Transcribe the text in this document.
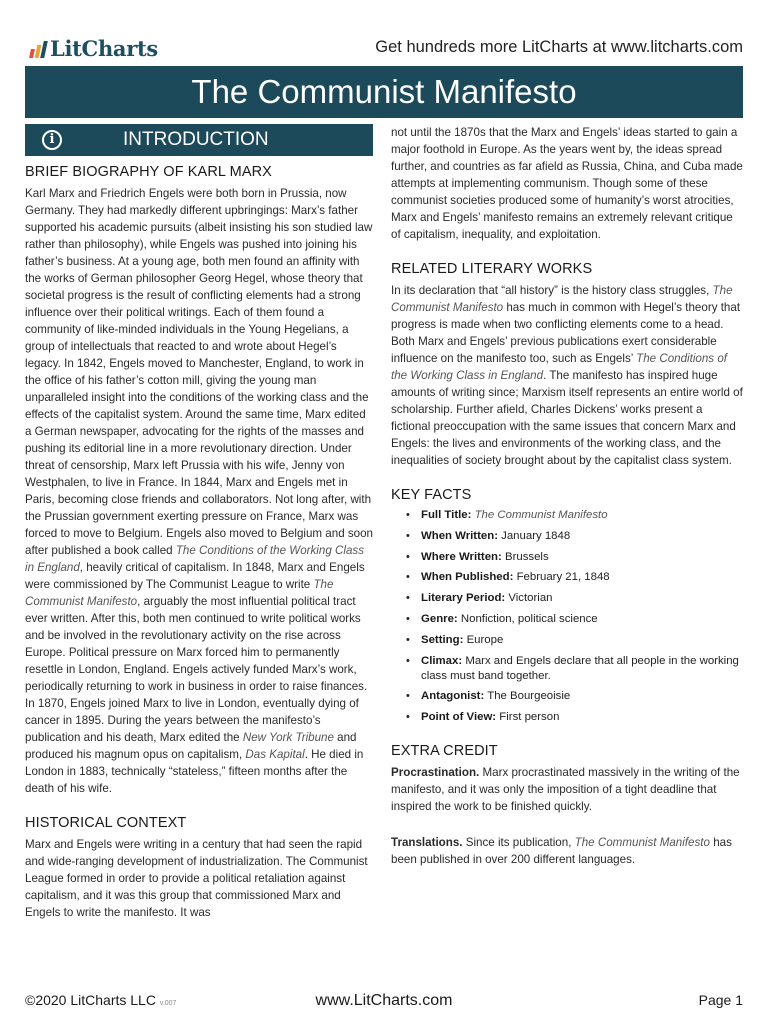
LitCharts	Get hundreds more LitCharts at www.litcharts.com
The Communist Manifesto
i	INTRODUCTION
BRIEF BIOGRAPHY OF KARL MARX

Karl Marx and Friedrich Engels were both born in Prussia, now Germany. They had markedly different upbringings: Marx’s father supported his academic pursuits (albeit insisting his son studied law rather than philosophy), while Engels was pushed into joining his father’s business. At a young age, both men found an affinity with the works of German philosopher Georg Hegel, whose theory that societal progress is the result of conflicting elements had a strong influence over their political writings. Each of them found a community of like-minded individuals in the Young Hegelians, a group of intellectuals that reacted to and wrote about Hegel’s legacy. In 1842, Engels moved to Manchester, England, to work in the office of his father’s cotton mill, giving the young man unparalleled insight into the conditions of the working class and the effects of the capitalist system. Around the same time, Marx edited a German newspaper, advocating for the rights of the masses and pushing its editorial line in a more revolutionary direction. Under threat of censorship, Marx left Prussia with his wife, Jenny von Westphalen, to live in France. In 1844, Marx and Engels met in Paris, becoming close friends and collaborators. Not long after, with the Prussian government exerting pressure on France, Marx was forced to move to Belgium. Engels also moved to Belgium and soon after published a book called The Conditions of the Working Class in England, heavily critical of capitalism. In 1848, Marx and Engels were commissioned by The Communist League to write The Communist Manifesto, arguably the most influential political tract ever written. After this, both men continued to write political works and be involved in the revolutionary activity on the rise across Europe. Political pressure on Marx forced him to permanently resettle in London, England. Engels actively funded Marx’s work, periodically returning to work in business in order to raise finances. In 1870, Engels joined Marx to live in London, eventually dying of cancer in 1895. During the years between the manifesto’s publication and his death, Marx edited the New York Tribune and produced his magnum opus on capitalism, Das Kapital. He died in London in 1883, technically “stateless,” fifteen months after the death of his wife.

HISTORICAL CONTEXT

Marx and Engels were writing in a century that had seen the rapid and wide-ranging development of industrialization. The Communist League formed in order to provide a political retaliation against capitalism, and it was this group that commissioned Marx and Engels to write the manifesto. It was

not until the 1870s that the Marx and Engels’ ideas started to gain a major foothold in Europe. As the years went by, the ideas spread further, and countries as far afield as Russia, China, and Cuba made attempts at implementing communism. Though some of these communist societies produced some of humanity’s worst atrocities, Marx and Engels’ manifesto remains an extremely relevant critique of capitalism, inequality, and exploitation.

RELATED LITERARY WORKS

In its declaration that “all history” is the history class struggles, The Communist Manifesto has much in common with Hegel’s theory that progress is made when two conflicting elements come to a head. Both Marx and Engels’ previous publications exert considerable influence on the manifesto too, such as Engels’ The Conditions of the Working Class in England. The manifesto has inspired huge amounts of writing since; Marxism itself represents an entire world of scholarship. Further afield, Charles Dickens’ works present a fictional preoccupation with the same issues that concern Marx and Engels: the lives and environments of the working class, and the inequalities of society brought about by the capitalist class system.

KEY FACTS
• Full Title: The Communist Manifesto
• When Written: January 1848
• Where Written: Brussels
• When Published: February 21, 1848
• Literary Period: Victorian
• Genre: Nonfiction, political science
• Setting: Europe
• Climax: Marx and Engels declare that all people in the working class must band together.
• Antagonist: The Bourgeoisie
• Point of View: First person
EXTRA CREDIT

Procrastination. Marx procrastinated massively in the writing of the manifesto, and it was only the imposition of a tight deadline that inspired the work to be finished quickly.

Translations. Since its publication, The Communist Manifesto has been published in over 200 different languages.

©2020 LitCharts LLC v.007	www.LitCharts.com	Page 1
